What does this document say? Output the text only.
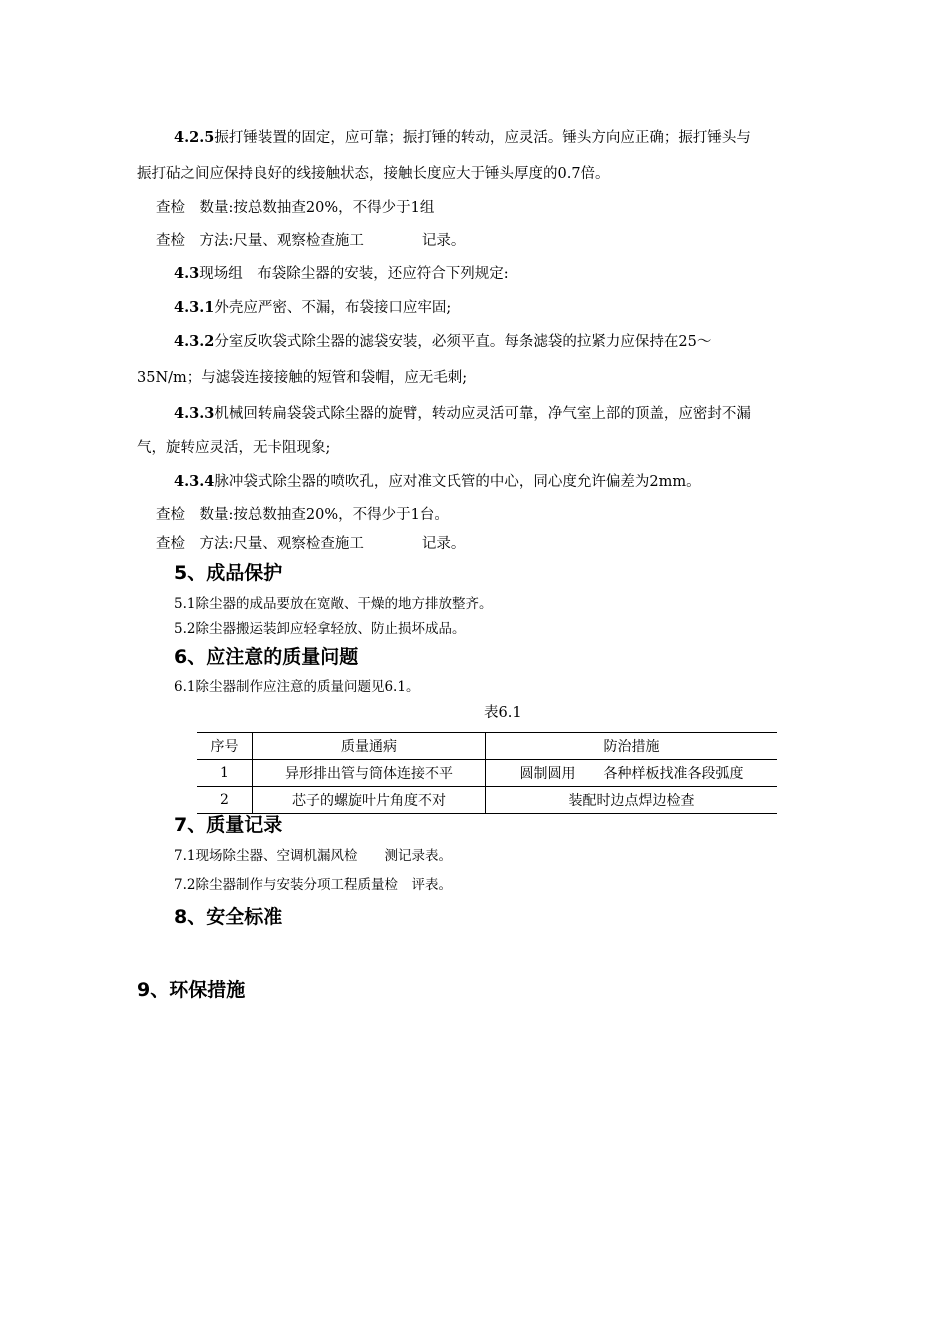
4.2.5振打锤装置的固定，应可靠；振打锤的转动，应灵活。锤头方向应正确；振打锤头与
振打砧之间应保持良好的线接触状态，接触长度应大于锤头厚度的0.7倍。
查检　数量:按总数抽查20%，不得少于1组
查检　方法:尺量、观察检查施工　　　　记录。
4.3现场组　布袋除尘器的安装，还应符合下列规定:
4.3.1外壳应严密、不漏，布袋接口应牢固;
4.3.2分室反吹袋式除尘器的滤袋安装，必须平直。每条滤袋的拉紧力应保持在25～
35N/m；与滤袋连接接触的短管和袋帽，应无毛刺;
4.3.3机械回转扁袋袋式除尘器的旋臂，转动应灵活可靠，净气室上部的顶盖，应密封不漏
气，旋转应灵活，无卡阻现象;
4.3.4脉冲袋式除尘器的喷吹孔，应对准文氏管的中心，同心度允许偏差为2mm。
查检　数量:按总数抽查20%，不得少于1台。
查检　方法:尺量、观察检查施工　　　　记录。
5、成品保护
5.1除尘器的成品要放在宽敞、干燥的地方排放整齐。
5.2除尘器搬运装卸应轻拿轻放、防止损坏成品。
6、应注意的质量问题
6.1除尘器制作应注意的质量问题见6.1。
表6.1
序号	质量通病	防治措施
1	异形排出管与筒体连接不平	圆制圆用　　各种样板找准各段弧度
2	芯子的螺旋叶片角度不对	装配时边点焊边检查
7、质量记录
7.1现场除尘器、空调机漏风检　　测记录表。
7.2除尘器制作与安装分项工程质量检　评表。
8、安全标准
9、环保措施
